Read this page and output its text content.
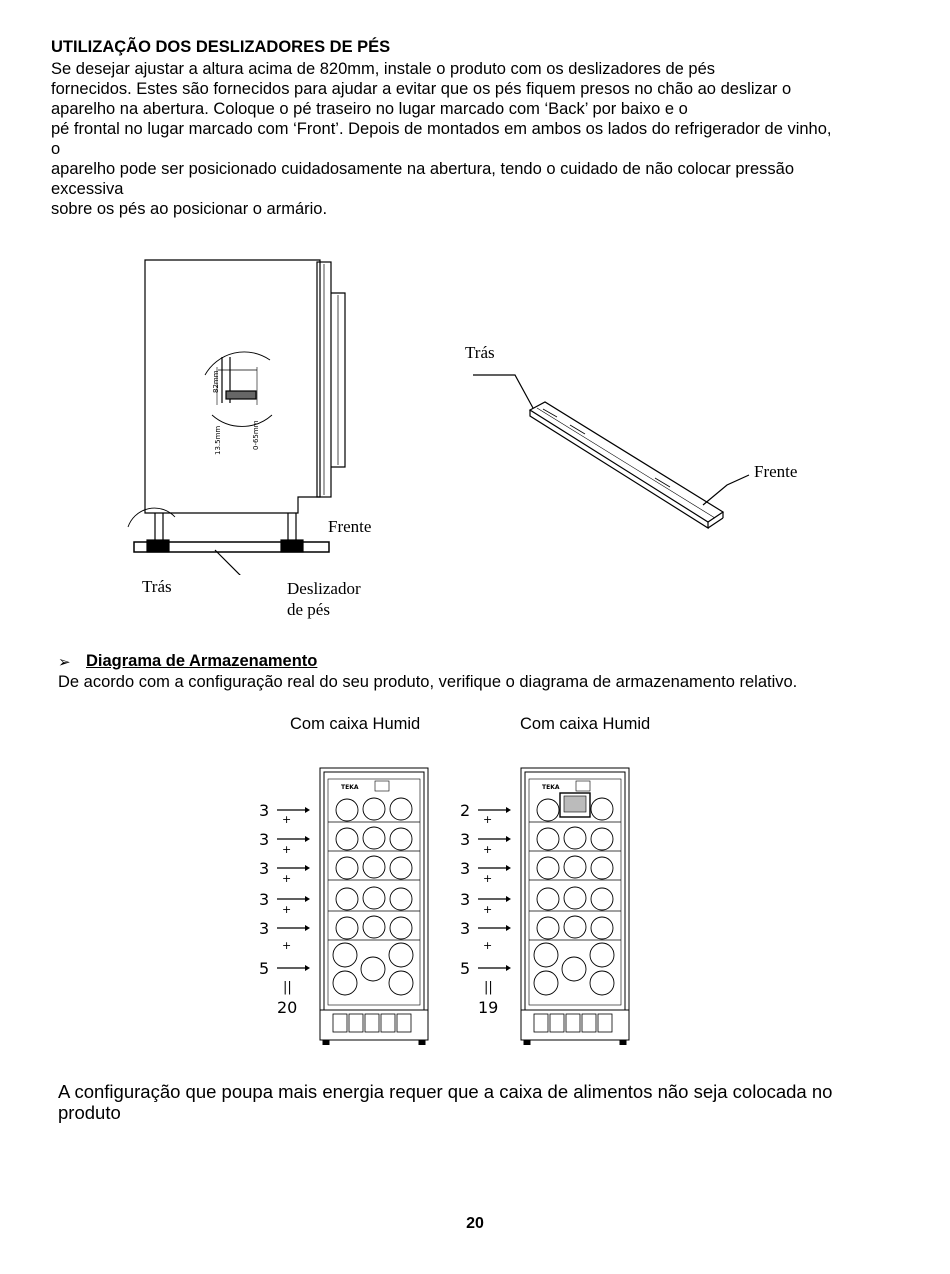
UTILIZAÇÃO DOS DESLIZADORES DE PÉS
Se desejar ajustar a altura acima de 820mm, instale o produto com os deslizadores de pés
fornecidos. Estes são fornecidos para ajudar a evitar que os pés fiquem presos no chão ao deslizar o
aparelho na abertura. Coloque o pé traseiro no lugar marcado com ‘Back’ por baixo e o
pé frontal no lugar marcado com ‘Front’. Depois de montados em ambos os lados do refrigerador de vinho,
o
aparelho pode ser posicionado cuidadosamente na abertura, tendo o cuidado de não colocar pressão
excessiva
sobre os pés ao posicionar o armário.
82mm
13.5mm	0-65mm
Frente
Trás	Deslizador
de pés
Trás
Frente
➢ Diagrama de Armazenamento
De acordo com a configuração real do seu produto, verifique o diagrama de armazenamento relativo.
Com caixa Humid	Com caixa Humid
TEKA
3
3
3
3
3
5
||
20
+
+
+
+
+
TEKA
2
3
3
3
3
5
||
19
+
+
+
+
+
A configuração que poupa mais energia requer que a caixa de alimentos não seja colocada no produto
20
